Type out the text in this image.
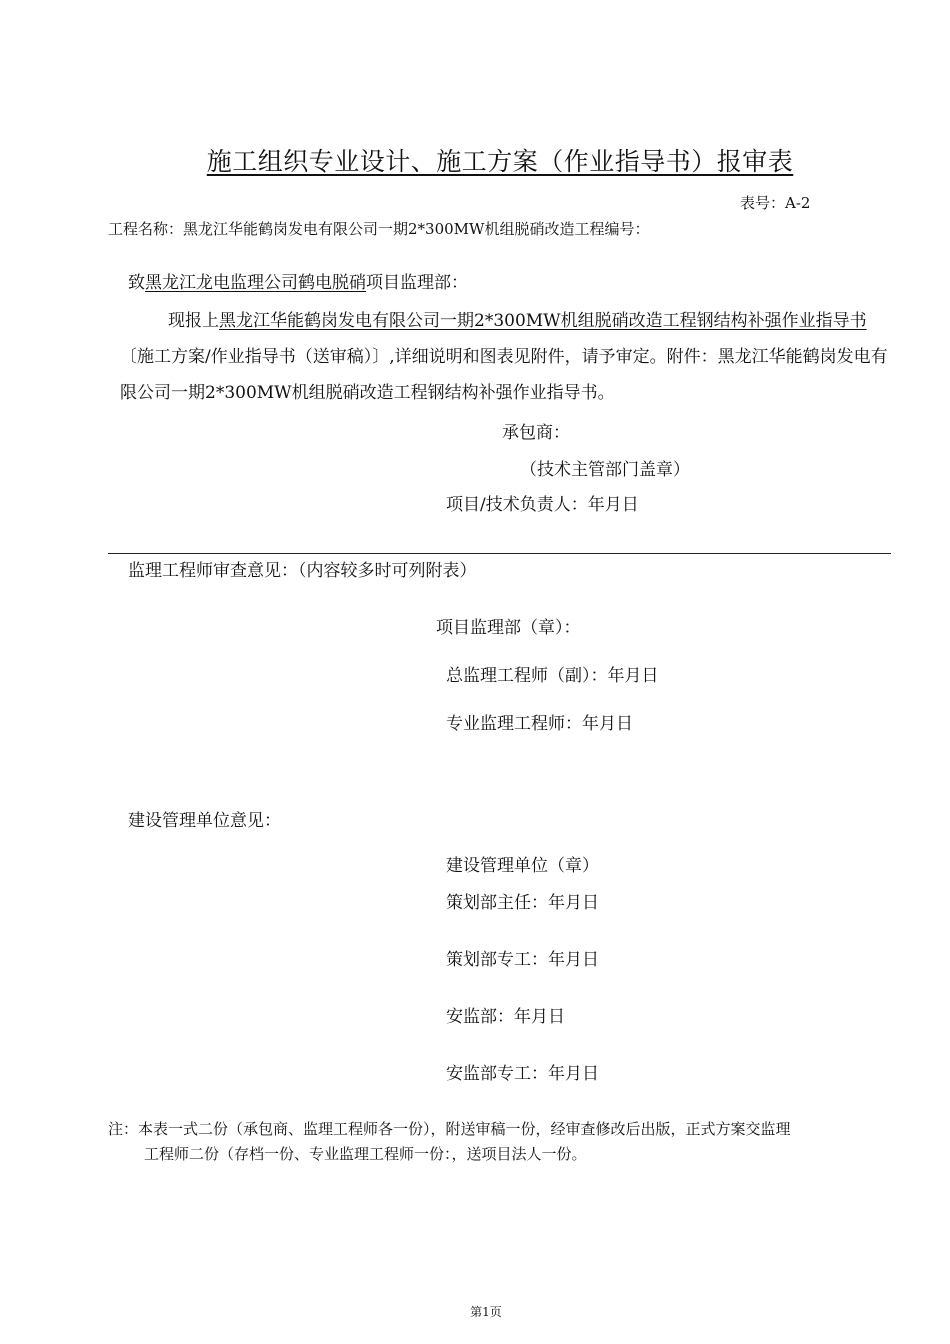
施工组织专业设计、施工方案（作业指导书）报审表
表号：A-2
工程名称：黑龙江华能鹤岗发电有限公司一期2*300MW机组脱硝改造工程编号：
致黑龙江龙电监理公司鹤电脱硝项目监理部：
现报上黑龙江华能鹤岗发电有限公司一期2*300MW机组脱硝改造工程钢结构补强作业指导书〔施工方案/作业指导书（送审稿）〕,详细说明和图表见附件，请予审定。附件：黑龙江华能鹤岗发电有限公司一期2*300MW机组脱硝改造工程钢结构补强作业指导书。
承包商：
（技术主管部门盖章）
项目/技术负责人：年月日
监理工程师审查意见：（内容较多时可列附表）
项目监理部（章）：
总监理工程师（副）：年月日
专业监理工程师：年月日
建设管理单位意见：
建设管理单位（章）
策划部主任：年月日
策划部专工：年月日
安监部：年月日
安监部专工：年月日
注：本表一式二份（承包商、监理工程师各一份），附送审稿一份，经审查修改后出版，正式方案交监理
工程师二份（存档一份、专业监理工程师一份：，送项目法人一份。
第1页
